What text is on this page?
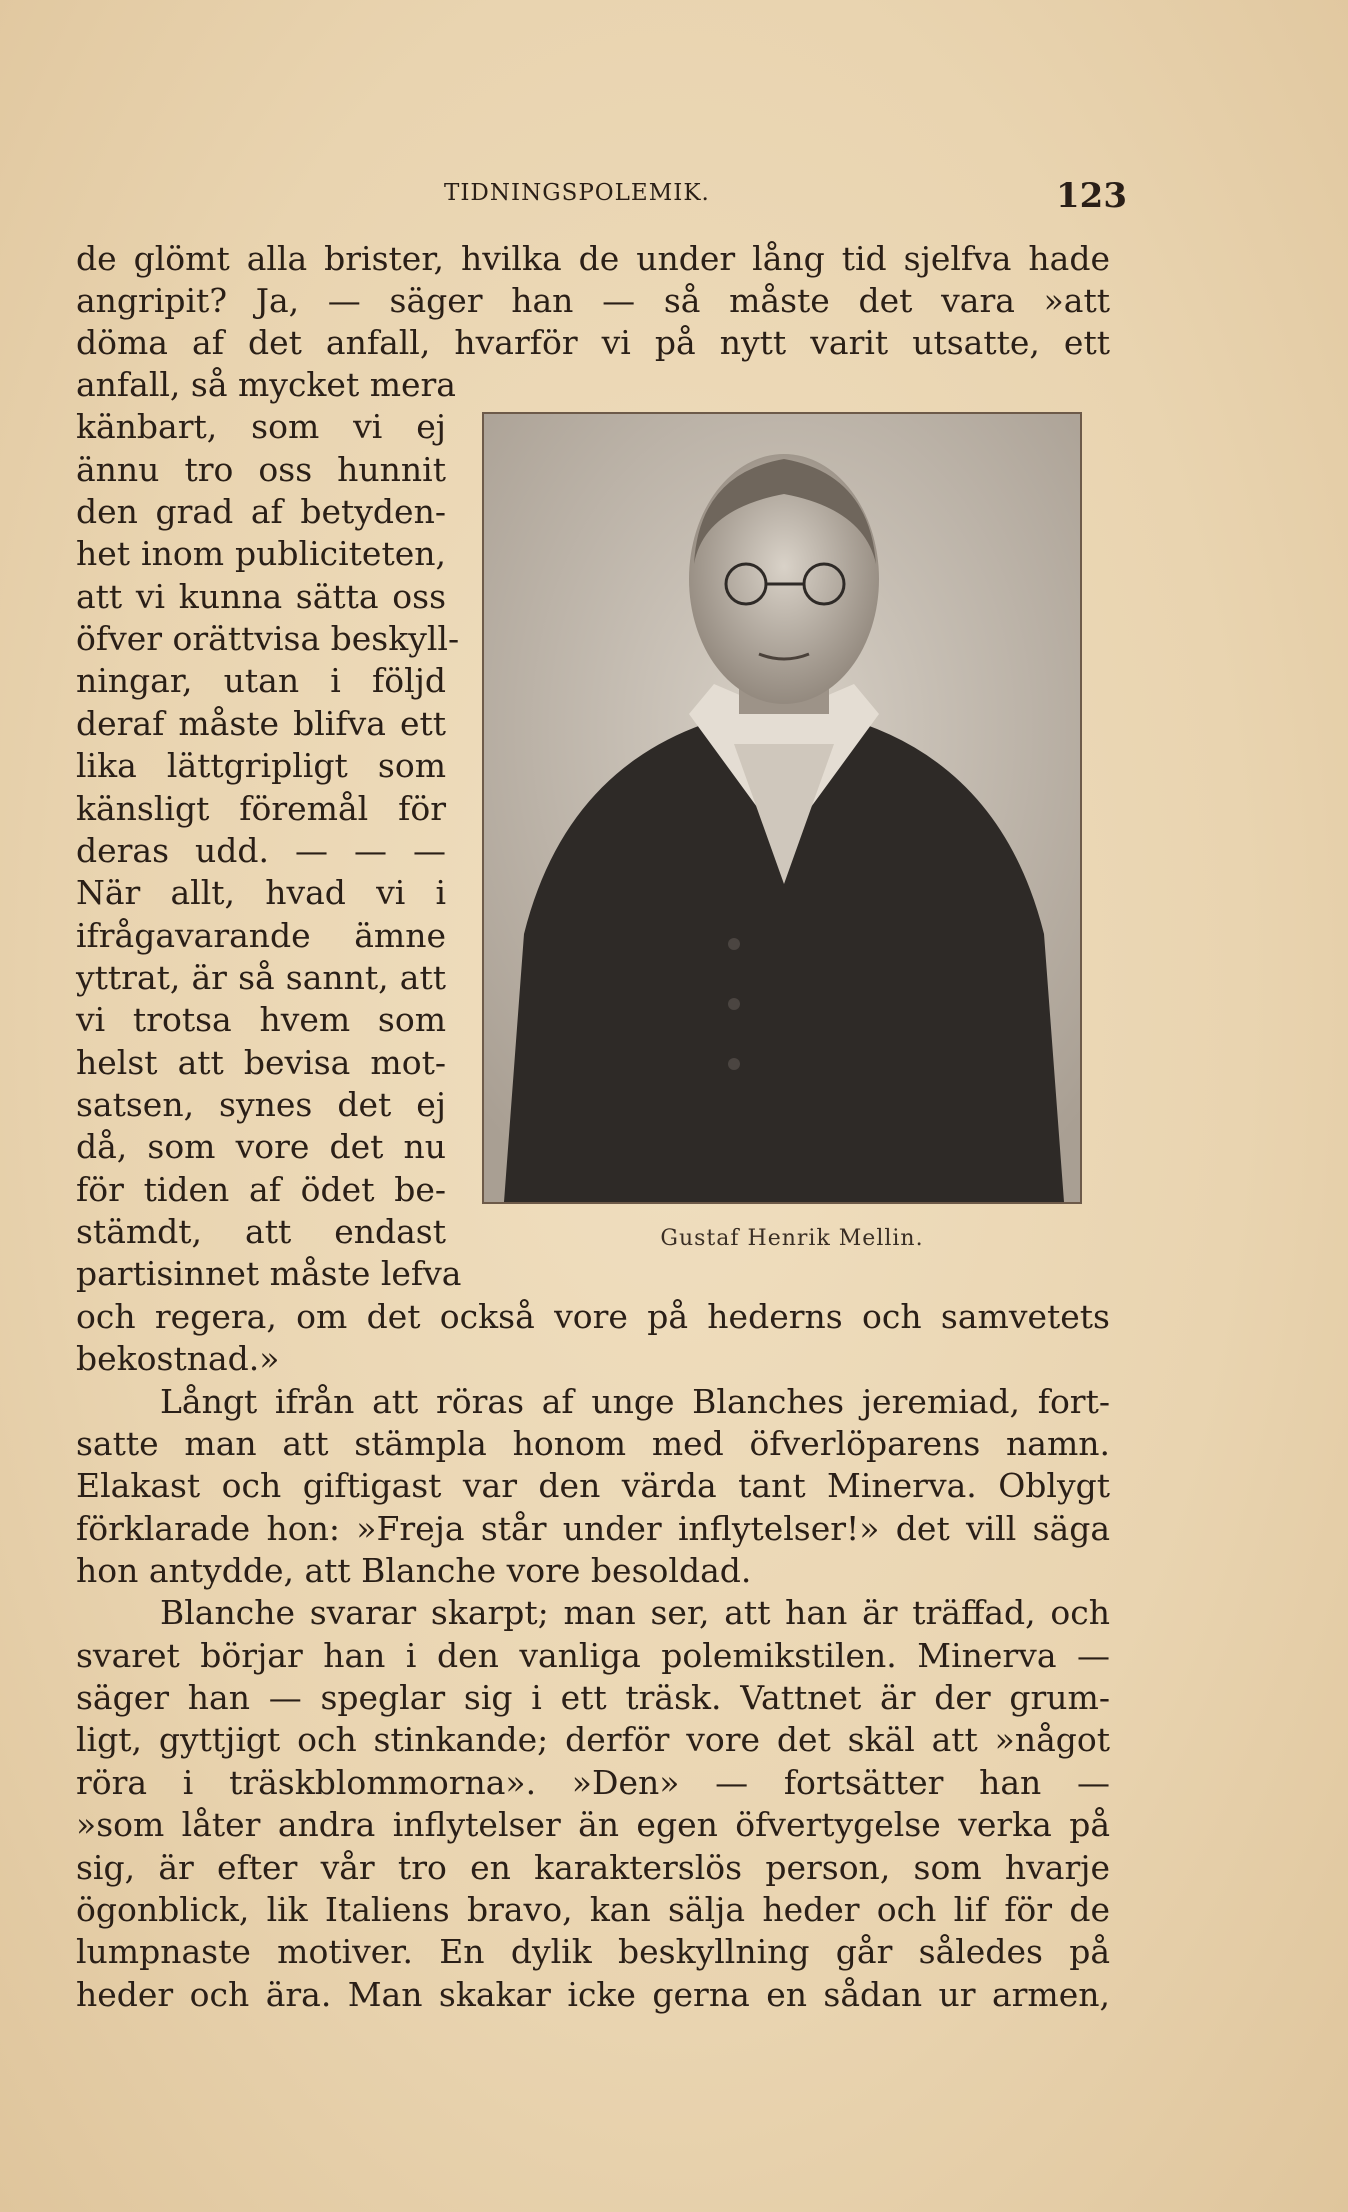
TIDNINGSPOLEMIK.	123
de glömt alla brister, hvilka de under lång tid sjelfva hade
angripit? Ja, — säger han — så måste det vara »att
döma af det anfall, hvarför vi på nytt varit utsatte, ett
anfall, så mycket mera
känbart, som vi ej
ännu tro oss hunnit
den grad af betyden-
het inom publiciteten,
att vi kunna sätta oss
öfver orättvisa beskyll-
ningar, utan i följd
deraf måste blifva ett
lika lättgripligt som
känsligt föremål för
deras udd. — — —
När allt, hvad vi i
ifrågavarande ämne
yttrat, är så sannt, att
vi trotsa hvem som
helst att bevisa mot-
satsen, synes det ej
då, som vore det nu
för tiden af ödet be-
stämdt, att endast
partisinnet måste lefva
och regera, om det också vore på hederns och samvetets
bekostnad.»
Långt ifrån att röras af unge Blanches jeremiad, fort-
satte man att stämpla honom med öfverlöparens namn.
Elakast och giftigast var den värda tant Minerva. Oblygt
förklarade hon: »Freja står under inflytelser!» det vill säga
hon antydde, att Blanche vore besoldad.
Blanche svarar skarpt; man ser, att han är träffad, och
svaret börjar han i den vanliga polemikstilen. Minerva —
säger han — speglar sig i ett träsk. Vattnet är der grum-
ligt, gyttjigt och stinkande; derför vore det skäl att »något
röra i träskblommorna». »Den» — fortsätter han —
»som låter andra inflytelser än egen öfvertygelse verka på
sig, är efter vår tro en karakterslös person, som hvarje
ögonblick, lik Italiens bravo, kan sälja heder och lif för de
lumpnaste motiver. En dylik beskyllning går således på
heder och ära. Man skakar icke gerna en sådan ur armen,
Gustaf Henrik Mellin.
